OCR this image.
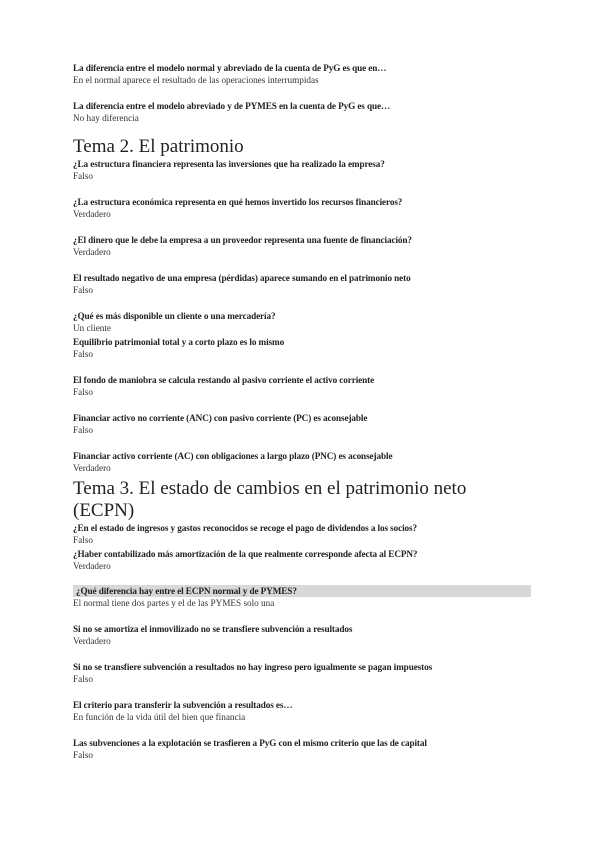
La diferencia entre el modelo normal y abreviado de la cuenta de PyG es que en…
En el normal aparece el resultado de las operaciones interrumpidas
La diferencia entre el modelo abreviado y de PYMES en la cuenta de PyG es que…
No hay diferencia
Tema 2. El patrimonio
¿La estructura financiera representa las inversiones que ha realizado la empresa?
Falso
¿La estructura económica representa en qué hemos invertido los recursos financieros?
Verdadero
¿El dinero que le debe la empresa a un proveedor representa una fuente de financiación?
Verdadero
El resultado negativo de una empresa (pérdidas) aparece sumando en el patrimonio neto
Falso
¿Qué es más disponible un cliente o una mercadería?
Un cliente
Equilibrio patrimonial total y a corto plazo es lo mismo
Falso
El fondo de maniobra se calcula restando al pasivo corriente el activo corriente
Falso
Financiar activo no corriente (ANC) con pasivo corriente (PC) es aconsejable
Falso
Financiar activo corriente (AC) con obligaciones a largo plazo (PNC) es aconsejable
Verdadero
Tema 3. El estado de cambios en el patrimonio neto
(ECPN)
¿En el estado de ingresos y gastos reconocidos se recoge el pago de dividendos a los socios?
Falso
¿Haber contabilizado más amortización de la que realmente corresponde afecta al ECPN?
Verdadero
¿Qué diferencia hay entre el ECPN normal y de PYMES?
El normal tiene dos partes y el de las PYMES solo una
Si no se amortiza el inmovilizado no se transfiere subvención a resultados
Verdadero
Si no se transfiere subvención a resultados no hay ingreso pero igualmente se pagan impuestos
Falso
El criterio para transferir la subvención a resultados es…
En función de la vida útil del bien que financia
Las subvenciones a la explotación se trasfieren a PyG con el mismo criterio que las de capital
Falso
